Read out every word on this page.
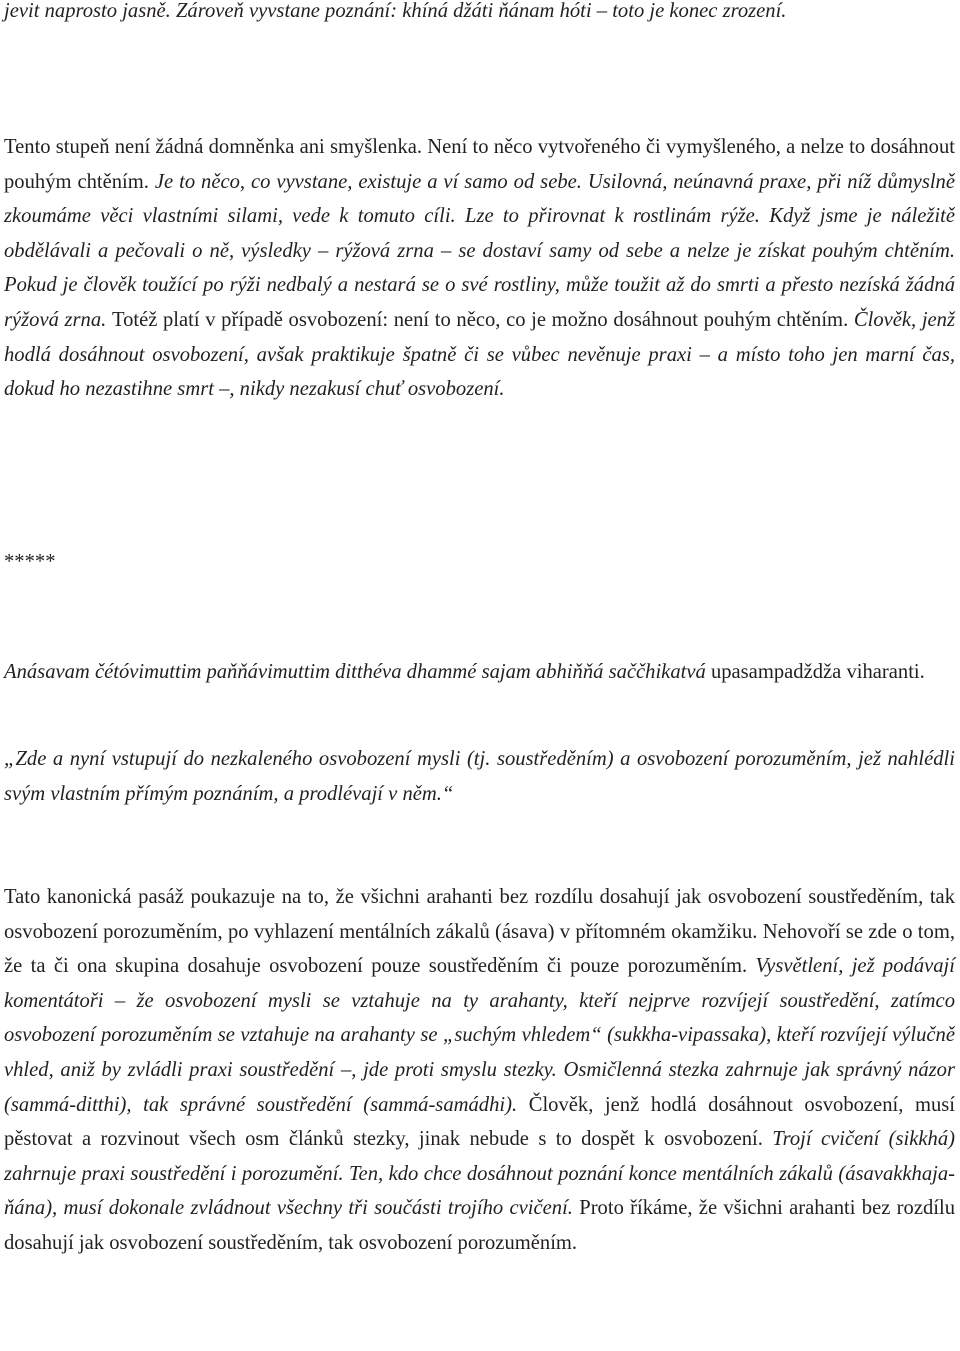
jevit naprosto jasně. Zároveň vyvstane poznání: khíná džáti ňánam hóti – toto je konec zrození.

Tento stupeň není žádná domněnka ani smyšlenka. Není to něco vytvořeného či vymyšleného, a nelze to dosáhnout pouhým chtěním. Je to něco, co vyvstane, existuje a ví samo od sebe. Usilovná, neúnavná praxe, při níž důmyslně zkoumáme věci vlastními silami, vede k tomuto cíli. Lze to přirovnat k rostlinám rýže. Když jsme je náležitě obdělávali a pečovali o ně, výsledky – rýžová zrna – se dostaví samy od sebe a nelze je získat pouhým chtěním. Pokud je člověk toužící po rýži nedbalý a nestará se o své rostliny, může toužit až do smrti a přesto nezíská žádná rýžová zrna. Totéž platí v případě osvobození: není to něco, co je možno dosáhnout pouhým chtěním. Člověk, jenž hodlá dosáhnout osvobození, avšak praktikuje špatně či se vůbec nevěnuje praxi – a místo toho jen marní čas, dokud ho nezastihne smrt –, nikdy nezakusí chuť osvobození.

*****

Anásavam čétóvimuttim paňňávimuttim ditthéva dhammé sajam abhiňňá saččhikatvá upasampadždža viharanti.

„Zde a nyní vstupují do nezkaleného osvobození mysli (tj. soustředěním) a osvobození porozuměním, jež nahlédli svým vlastním přímým poznáním, a prodlévají v něm.“

Tato kanonická pasáž poukazuje na to, že všichni arahanti bez rozdílu dosahují jak osvobození soustředěním, tak osvobození porozuměním, po vyhlazení mentálních zákalů (ásava) v přítomném okamžiku. Nehovoří se zde o tom, že ta či ona skupina dosahuje osvobození pouze soustředěním či pouze porozuměním. Vysvětlení, jež podávají komentátoři – že osvobození mysli se vztahuje na ty arahanty, kteří nejprve rozvíjejí soustředění, zatímco osvobození porozuměním se vztahuje na arahanty se „suchým vhledem“ (sukkha-vipassaka), kteří rozvíjejí výlučně vhled, aniž by zvládli praxi soustředění –, jde proti smyslu stezky. Osmičlenná stezka zahrnuje jak správný názor (sammá-ditthi), tak správné soustředění (sammá-samádhi). Člověk, jenž hodlá dosáhnout osvobození, musí pěstovat a rozvinout všech osm článků stezky, jinak nebude s to dospět k osvobození. Trojí cvičení (sikkhá) zahrnuje praxi soustředění i porozumění. Ten, kdo chce dosáhnout poznání konce mentálních zákalů (ásavakkhaja-ňána), musí dokonale zvládnout všechny tři součásti trojího cvičení. Proto říkáme, že všichni arahanti bez rozdílu dosahují jak osvobození soustředěním, tak osvobození porozuměním.
